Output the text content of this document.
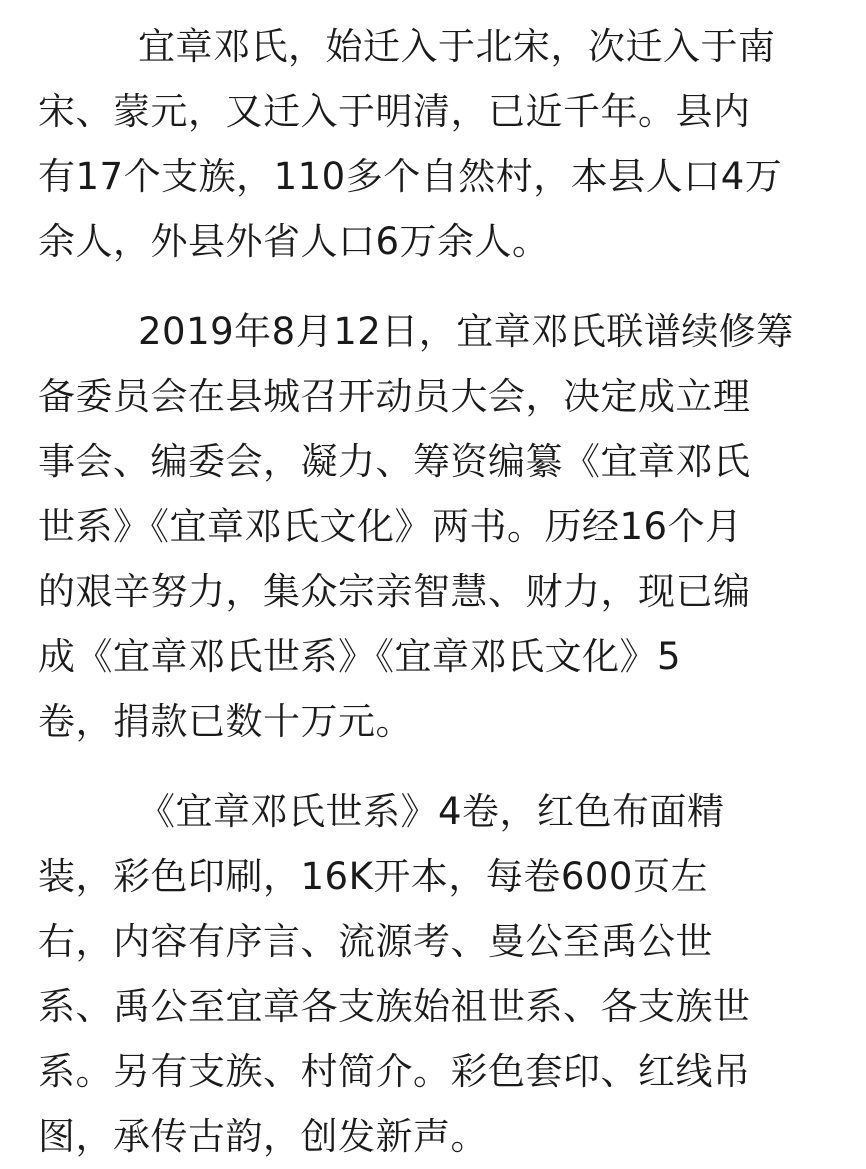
宜章邓氏，始迁入于北宋，次迁入于南
宋、蒙元，又迁入于明清，已近千年。县内
有17个支族，110多个自然村，本县人口4万
余人，外县外省人口6万余人。
2019年8月12日，宜章邓氏联谱续修筹
备委员会在县城召开动员大会，决定成立理
事会、编委会，凝力、筹资编纂《宜章邓氏
世系》《宜章邓氏文化》两书。历经16个月
的艰辛努力，集众宗亲智慧、财力，现已编
成《宜章邓氏世系》《宜章邓氏文化》5
卷，捐款已数十万元。
《宜章邓氏世系》4卷，红色布面精
装，彩色印刷，16K开本，每卷600页左
右，内容有序言、流源考、曼公至禹公世
系、禹公至宜章各支族始祖世系、各支族世
系。另有支族、村简介。彩色套印、红线吊
图，承传古韵，创发新声。
